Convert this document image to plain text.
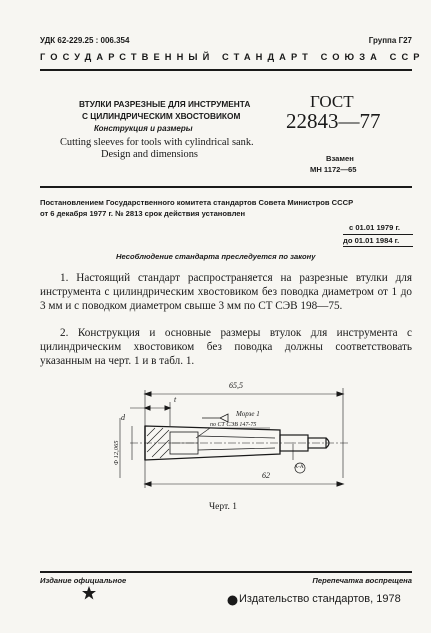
УДК 62-229.25 : 006.354	Группа Г27
ГОСУДАРСТВЕННЫЙ СТАНДАРТ СОЮЗА ССР
ВТУЛКИ РАЗРЕЗНЫЕ ДЛЯ ИНСТРУМЕНТА
С ЦИЛИНДРИЧЕСКИМ ХВОСТОВИКОМ
Конструкция и размеры
Cutting sleeves for tools with cylindrical sank.
Design and dimensions
ГОСТ
22843—77
Взамен
МН 1172—65
Постановлением Государственного комитета стандартов Совета Министров СССР
от 6 декабря 1977 г. № 2813 срок действия установлен
с 01.01 1979 г.
до 01.01 1984 г.
Несоблюдение стандарта преследуется по закону

1. Настоящий стандарт распространяется на разрезные втулки для инструмента с цилиндрическим хвостовиком без поводка диаметром от 1 до 3 мм и с поводком диаметром свыше 3 мм по СТ СЭВ 198—75.

2. Конструкция и основные размеры втулок для инструмента с цилиндрическим хвостовиком без поводка должны соответствовать указанным на черт. 1 и в табл. 1.

65,5
t
d
Φ 12,065
Морзе 1
по СТ СЭВ 147-75
А-А
62
Черт. 1
Издание официальное	Перепечатка воспрещена
Издательство стандартов, 1978
